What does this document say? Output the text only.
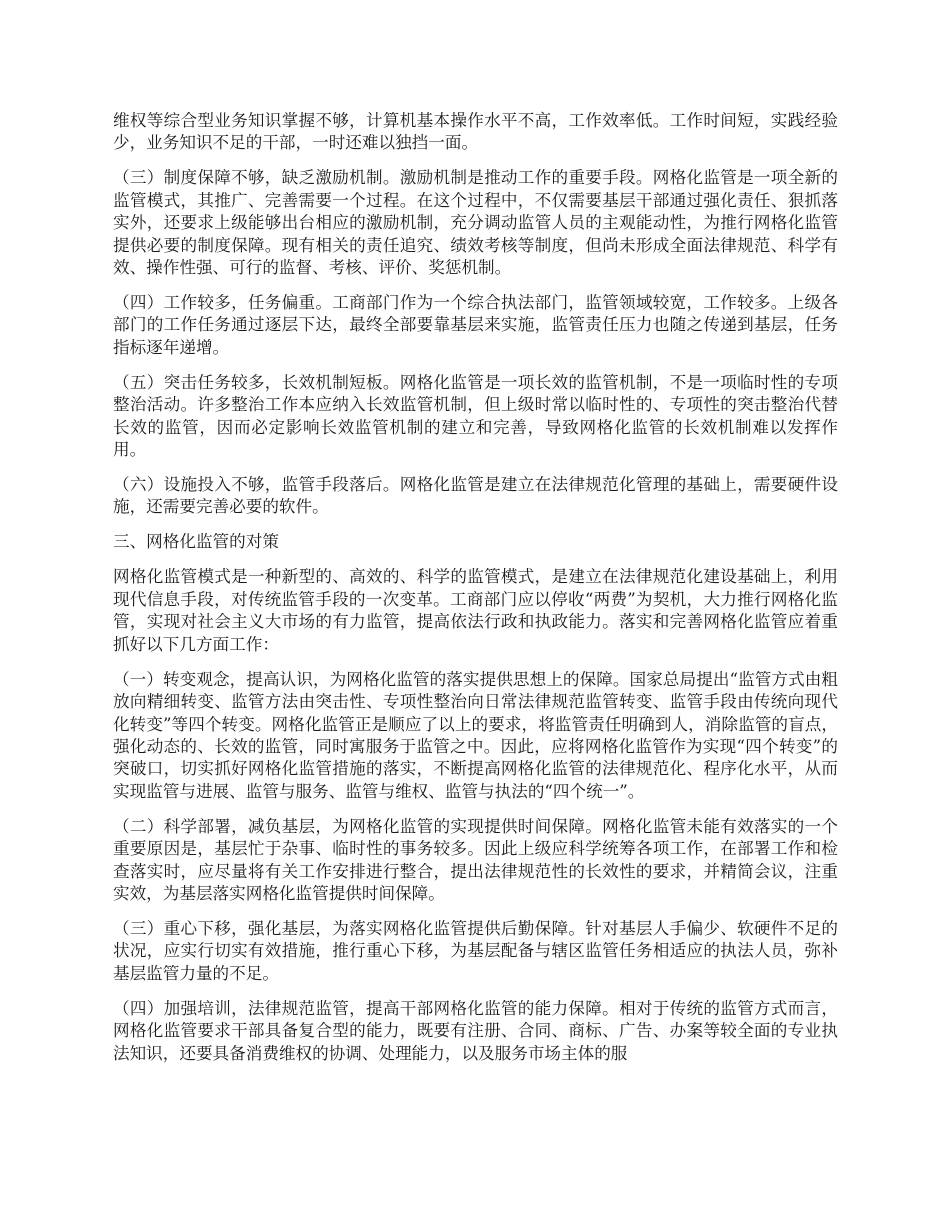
维权等综合型业务知识掌握不够，计算机基本操作水平不高，工作效率低。工作时间短，实践经验少，业务知识不足的干部，一时还难以独挡一面。

（三）制度保障不够，缺乏激励机制。激励机制是推动工作的重要手段。网格化监管是一项全新的监管模式，其推广、完善需要一个过程。在这个过程中，不仅需要基层干部通过强化责任、狠抓落实外，还要求上级能够出台相应的激励机制，充分调动监管人员的主观能动性，为推行网格化监管提供必要的制度保障。现有相关的责任追究、绩效考核等制度，但尚未形成全面法律规范、科学有效、操作性强、可行的监督、考核、评价、奖惩机制。

（四）工作较多，任务偏重。工商部门作为一个综合执法部门，监管领域较宽，工作较多。上级各部门的工作任务通过逐层下达，最终全部要靠基层来实施，监管责任压力也随之传递到基层，任务指标逐年递增。

（五）突击任务较多，长效机制短板。网格化监管是一项长效的监管机制，不是一项临时性的专项整治活动。许多整治工作本应纳入长效监管机制，但上级时常以临时性的、专项性的突击整治代替长效的监管，因而必定影响长效监管机制的建立和完善，导致网格化监管的长效机制难以发挥作用。

（六）设施投入不够，监管手段落后。网格化监管是建立在法律规范化管理的基础上，需要硬件设施，还需要完善必要的软件。

三、网格化监管的对策

网格化监管模式是一种新型的、高效的、科学的监管模式，是建立在法律规范化建设基础上，利用现代信息手段，对传统监管手段的一次变革。工商部门应以停收“两费”为契机，大力推行网格化监管，实现对社会主义大市场的有力监管，提高依法行政和执政能力。落实和完善网格化监管应着重抓好以下几方面工作：

（一）转变观念，提高认识，为网格化监管的落实提供思想上的保障。国家总局提出“监管方式由粗放向精细转变、监管方法由突击性、专项性整治向日常法律规范监管转变、监管手段由传统向现代化转变”等四个转变。网格化监管正是顺应了以上的要求，将监管责任明确到人，消除监管的盲点，强化动态的、长效的监管，同时寓服务于监管之中。因此，应将网格化监管作为实现“四个转变”的突破口，切实抓好网格化监管措施的落实，不断提高网格化监管的法律规范化、程序化水平，从而实现监管与进展、监管与服务、监管与维权、监管与执法的“四个统一”。

（二）科学部署，减负基层，为网格化监管的实现提供时间保障。网格化监管未能有效落实的一个重要原因是，基层忙于杂事、临时性的事务较多。因此上级应科学统筹各项工作，在部署工作和检查落实时，应尽量将有关工作安排进行整合，提出法律规范性的长效性的要求，并精简会议，注重实效，为基层落实网格化监管提供时间保障。

（三）重心下移，强化基层，为落实网格化监管提供后勤保障。针对基层人手偏少、软硬件不足的状况，应实行切实有效措施，推行重心下移，为基层配备与辖区监管任务相适应的执法人员，弥补基层监管力量的不足。

（四）加强培训，法律规范监管，提高干部网格化监管的能力保障。相对于传统的监管方式而言，网格化监管要求干部具备复合型的能力，既要有注册、合同、商标、广告、办案等较全面的专业执法知识，还要具备消费维权的协调、处理能力，以及服务市场主体的服
